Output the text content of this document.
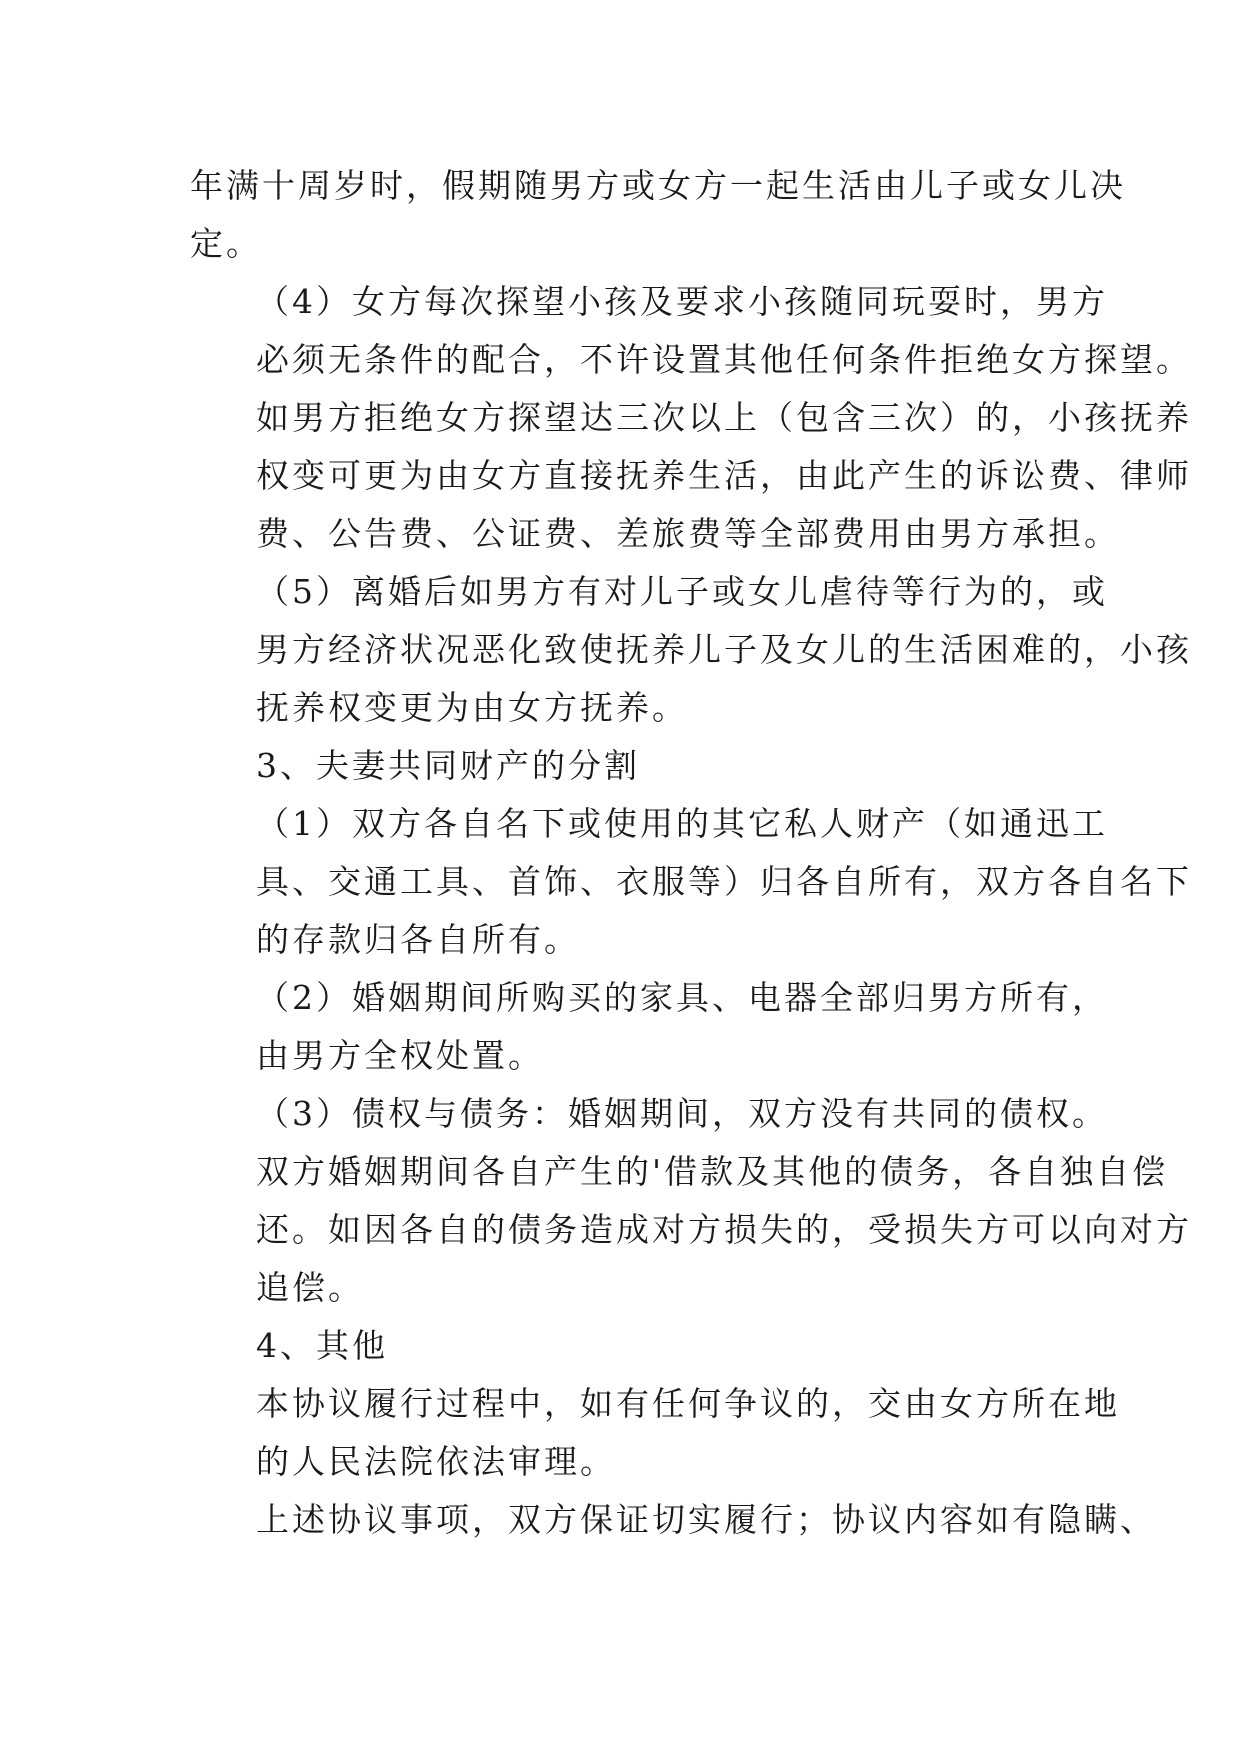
年满十周岁时，假期随男方或女方一起生活由儿子或女儿决
定。

（4）女方每次探望小孩及要求小孩随同玩耍时，男方
必须无条件的配合，不许设置其他任何条件拒绝女方探望。
如男方拒绝女方探望达三次以上（包含三次）的，小孩抚养
权变可更为由女方直接抚养生活，由此产生的诉讼费、律师
费、公告费、公证费、差旅费等全部费用由男方承担。

（5）离婚后如男方有对儿子或女儿虐待等行为的，或
男方经济状况恶化致使抚养儿子及女儿的生活困难的，小孩
抚养权变更为由女方抚养。

3、夫妻共同财产的分割

（1）双方各自名下或使用的其它私人财产（如通迅工
具、交通工具、首饰、衣服等）归各自所有，双方各自名下
的存款归各自所有。

（2）婚姻期间所购买的家具、电器全部归男方所有，
由男方全权处置。

（3）债权与债务：婚姻期间，双方没有共同的债权。
双方婚姻期间各自产生的'借款及其他的债务，各自独自偿
还。如因各自的债务造成对方损失的，受损失方可以向对方
追偿。

4、其他

本协议履行过程中，如有任何争议的，交由女方所在地
的人民法院依法审理。

上述协议事项，双方保证切实履行；协议内容如有隐瞒、
